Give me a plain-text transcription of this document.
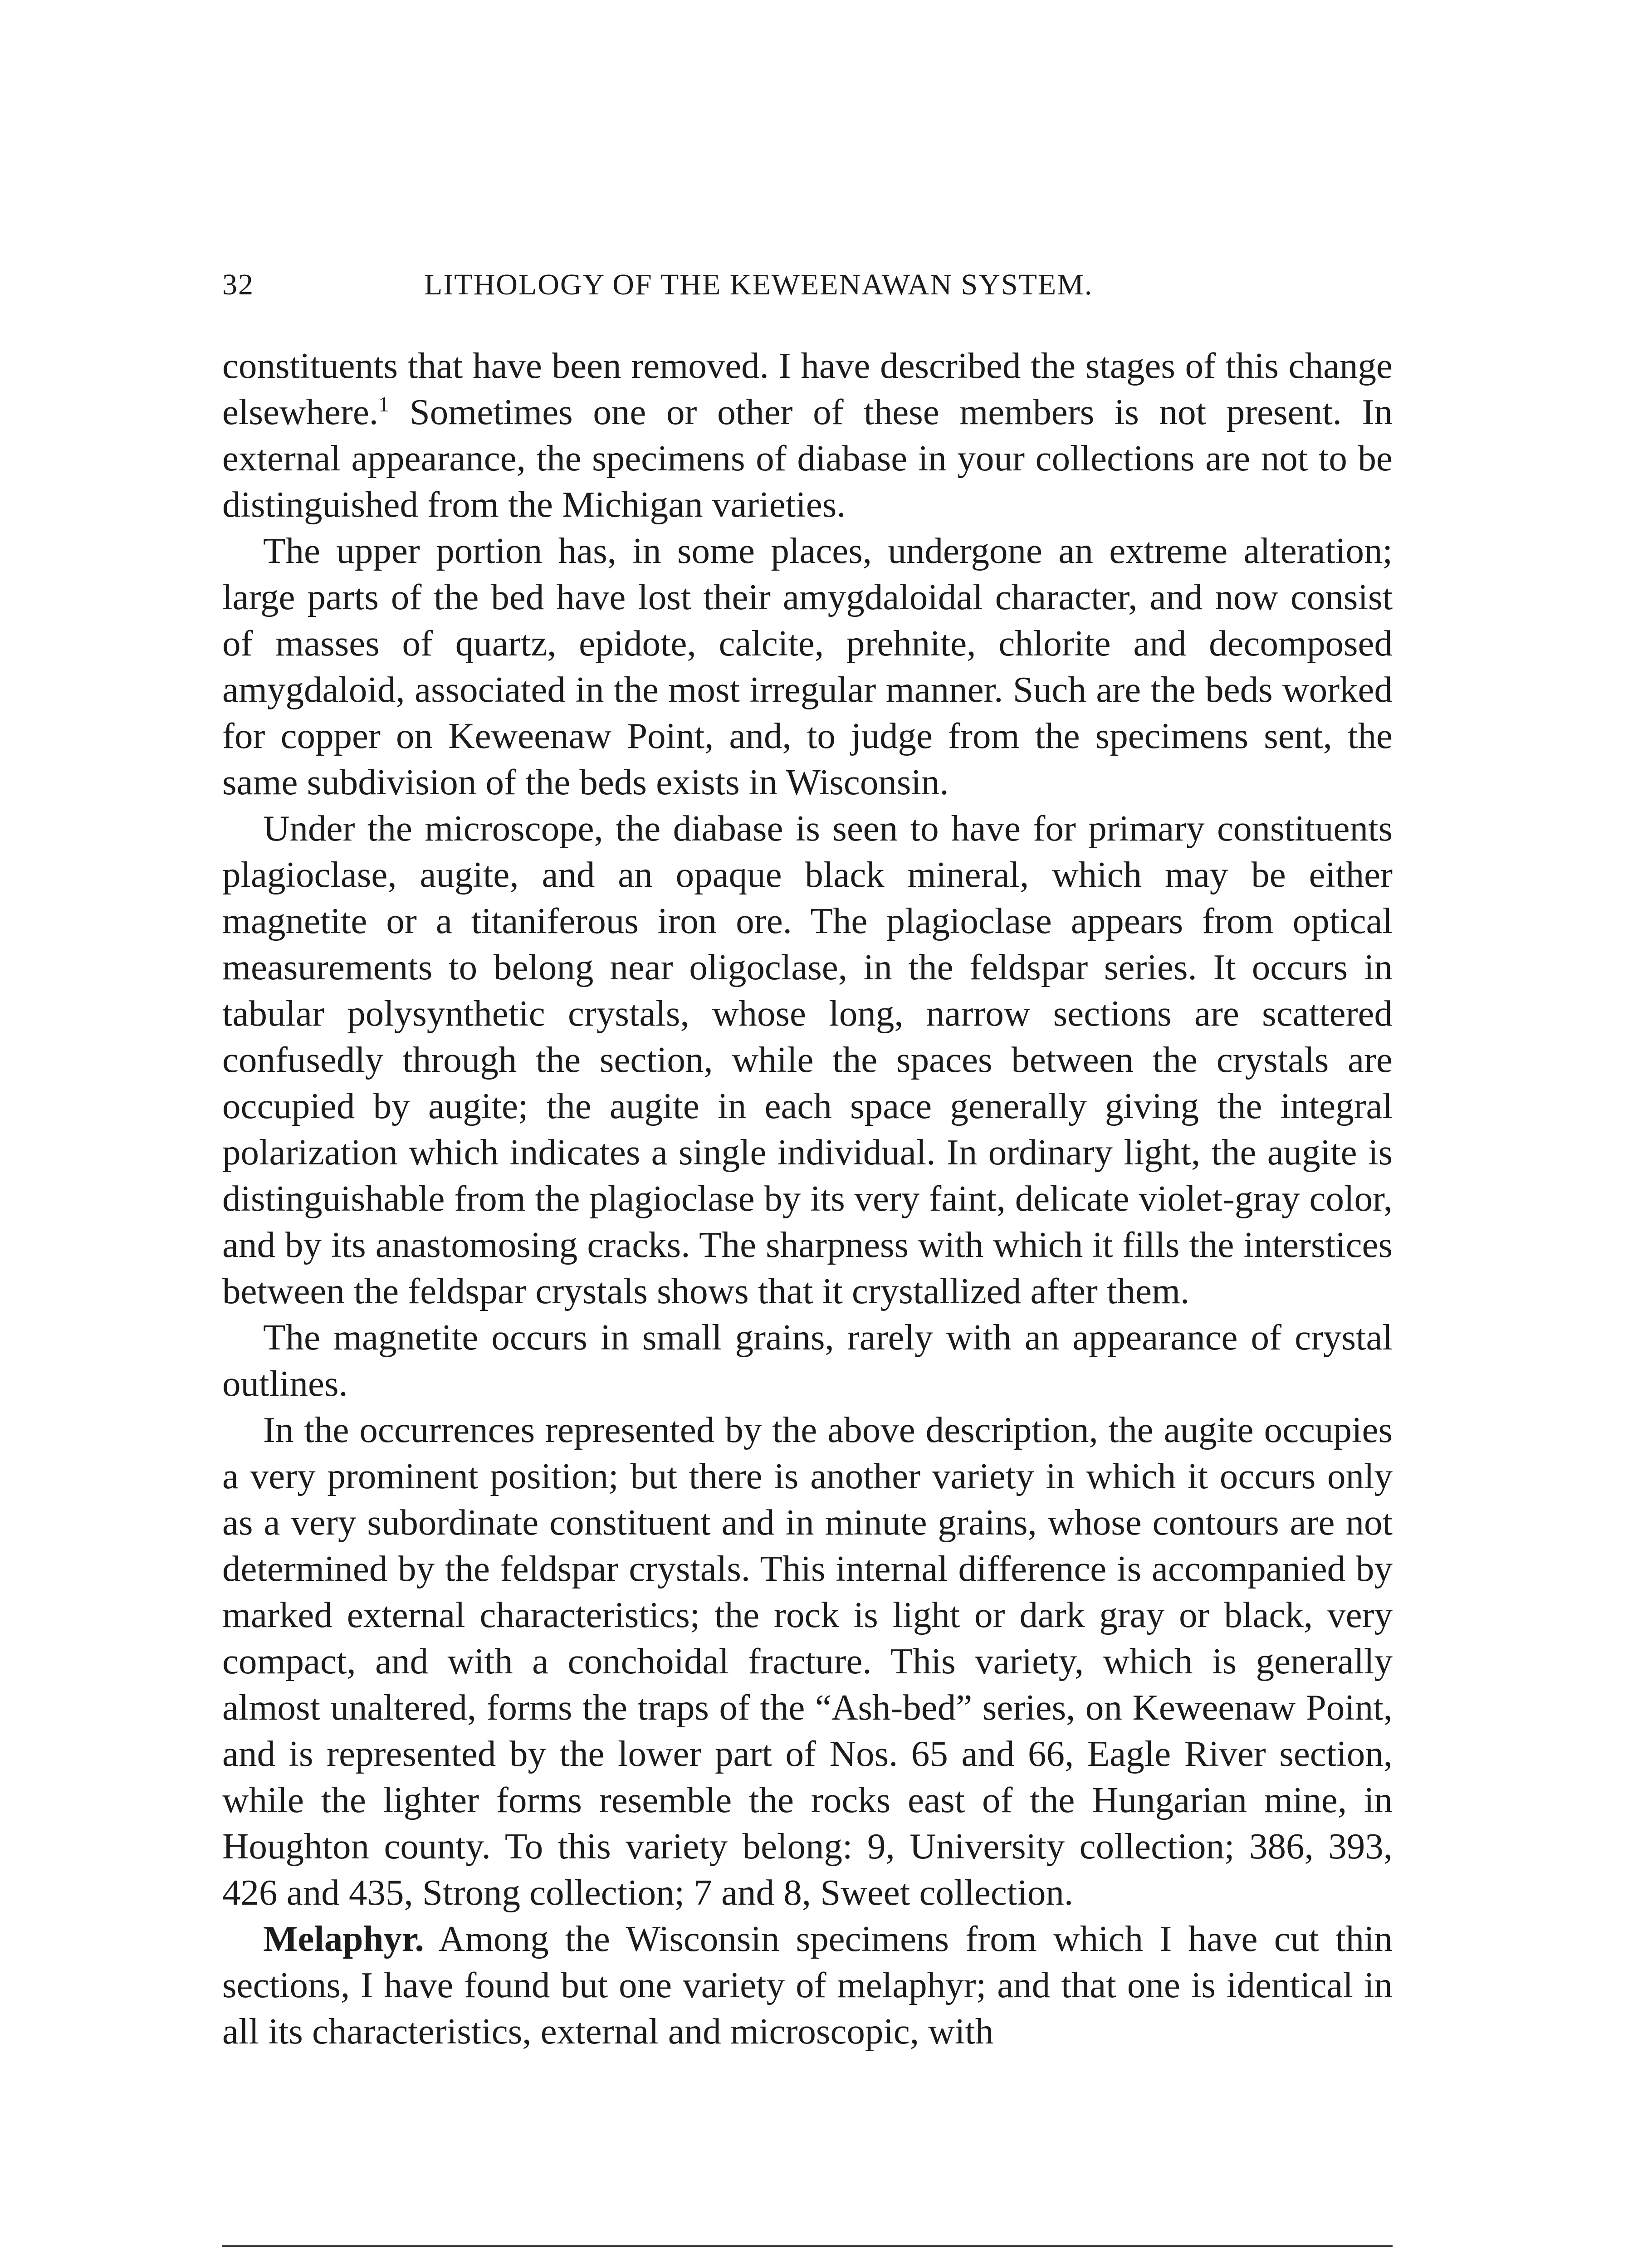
32	LITHOLOGY OF THE KEWEENAWAN SYSTEM.

constituents that have been removed. I have described the stages of this change elsewhere.$^1$ Sometimes one or other of these members is not present. In external appearance, the specimens of diabase in your collections are not to be distinguished from the Michigan varieties.

The upper portion has, in some places, undergone an extreme alteration; large parts of the bed have lost their amygdaloidal character, and now consist of masses of quartz, epidote, calcite, prehnite, chlorite and decomposed amygdaloid, associated in the most irregular manner. Such are the beds worked for copper on Keweenaw Point, and, to judge from the specimens sent, the same subdivision of the beds exists in Wisconsin.

Under the microscope, the diabase is seen to have for primary constituents plagioclase, augite, and an opaque black mineral, which may be either magnetite or a titaniferous iron ore. The plagioclase appears from optical measurements to belong near oligoclase, in the feldspar series. It occurs in tabular polysynthetic crystals, whose long, narrow sections are scattered confusedly through the section, while the spaces between the crystals are occupied by augite; the augite in each space generally giving the integral polarization which indicates a single individual. In ordinary light, the augite is distinguishable from the plagioclase by its very faint, delicate violet-gray color, and by its anastomosing cracks. The sharpness with which it fills the interstices between the feldspar crystals shows that it crystallized after them.

The magnetite occurs in small grains, rarely with an appearance of crystal outlines.

In the occurrences represented by the above description, the augite occupies a very prominent position; but there is another variety in which it occurs only as a very subordinate constituent and in minute grains, whose contours are not determined by the feldspar crystals. This internal difference is accompanied by marked external characteristics; the rock is light or dark gray or black, very compact, and with a conchoidal fracture. This variety, which is generally almost unaltered, forms the traps of the “Ash-bed” series, on Keweenaw Point, and is represented by the lower part of Nos. 65 and 66, Eagle River section, while the lighter forms resemble the rocks east of the Hungarian mine, in Houghton county. To this variety belong: 9, University collection; 386, 393, 426 and 435, Strong collection; 7 and 8, Sweet collection.

Melaphyr. Among the Wisconsin specimens from which I have cut thin sections, I have found but one variety of melaphyr; and that one is identical in all its characteristics, external and microscopic, with
